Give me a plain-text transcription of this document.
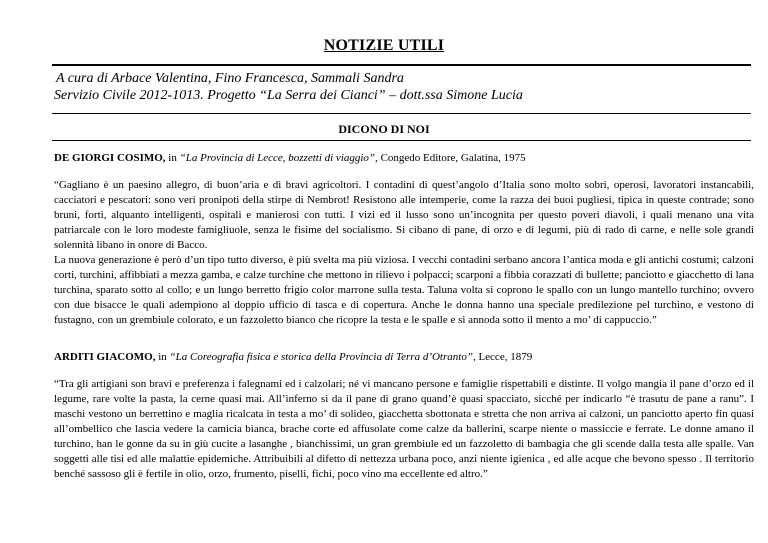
NOTIZIE UTILI
A cura di Arbace Valentina, Fino Francesca, Sammali Sandra
Servizio Civile 2012-1013. Progetto “La Serra dei Cianci” – dott.ssa Simone Lucia
DICONO DI NOI
DE GIORGI COSIMO, in “La Provincia di Lecce, bozzetti di viaggio”, Congedo Editore, Galatina, 1975

“Gagliano è un paesino allegro, di buon’aria e di bravi agricoltori. I contadini di quest’angolo d’Italia sono molto sobri, operosi, lavoratori instancabili, cacciatori e pescatori: sono veri pronipoti della stirpe di Nembrot! Resistono alle intemperie, come la razza dei buoi pugliesi, tipica in queste contrade; sono bruni, forti, alquanto intelligenti, ospitali e manierosi con tutti. I vizi ed il lusso sono un’incognita per questo poveri diavoli, i quali menano una vita patriarcale con le loro modeste famigliuole, senza le fisime del socialismo. Si cibano di pane, di orzo e di legumi, più di rado di carne, e nelle sole grandi solennità libano in onore di Bacco.

La nuova generazione è però d’un tipo tutto diverso, è più svelta ma più viziosa. I vecchi contadini serbano ancora l’antica moda e gli antichi costumi; calzoni corti, turchini, affibbiati a mezza gamba, e calze turchine che mettono in rilievo i polpacci; scarponi a fibbia corazzati di bullette; panciotto e giacchetto di lana turchina, sparato sotto al collo; e un lungo berretto frigio color marrone sulla testa. Taluna volta si coprono le spallo con un lungo mantello turchino; ovvero con due bisacce le quali adempiono al doppio ufficio di tasca e di copertura. Anche le donna hanno una speciale predilezione pel turchino, e vestono di fustagno, con un grembiule colorato, e un fazzoletto bianco che ricopre la testa e le spalle e si annoda sotto il mento a mo’ di cappuccio.”

ARDITI GIACOMO, in “La Coreografia fisica e storica della Provincia di Terra d’Otranto”, Lecce, 1879

“Tra gli artigiani son bravi e preferenza i falegnami ed i calzolari; né vi mancano persone e famiglie rispettabili e distinte. Il volgo mangia il pane d’orzo ed il legume, rare volte la pasta, la cerne quasi mai. All’inferno si da il pane di grano quand’è quasi spacciato, sicché per indicarlo “è trasutu de pane a ranu”. I maschi vestono un berrettino e maglia ricalcata in testa a mo’ di solideo, giacchetta sbottonata e stretta che non arriva ai calzoni, un panciotto aperto fin quasi all’ombellico che lascia vedere la camicia bianca, brache corte ed affusolate come calze da ballerini, scarpe niente o massiccie e ferrate. Le donne amano il turchino, han le gonne da su in giù cucite a lasanghe , bianchissimi, un gran grembiule ed un fazzoletto di bambagia che gli scende dalla testa alle spalle. Van soggetti alle tisi ed alle malattie epidemiche. Attribuibili al difetto di nettezza urbana poco, anzi niente igienica , ed alle acque che bevono spesso . Il territorio benché sassoso gli è fertile in olio, orzo, frumento, piselli, fichi, poco vino ma eccellente ed altro.”
